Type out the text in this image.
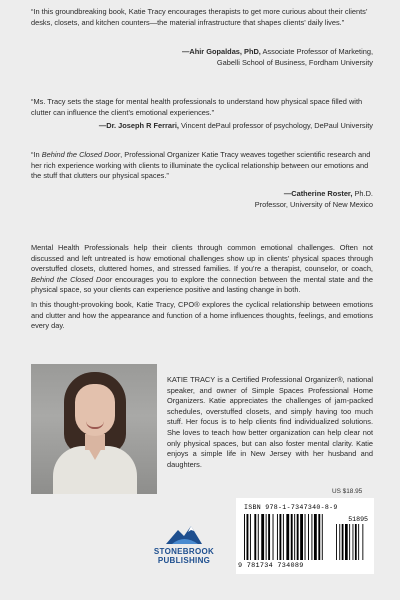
“In this groundbreaking book, Katie Tracy encourages therapists to get more curious about their clients’ desks, closets, and kitchen counters—the material infrastructure that shapes clients’ daily lives.”

—Ahir Gopaldas, PhD, Associate Professor of Marketing,
Gabelli School of Business, Fordham University

“Ms. Tracy sets the stage for mental health professionals to understand how physical space filled with clutter can influence the client’s emotional experiences.”

—Dr. Joseph R Ferrari, Vincent dePaul professor of psychology, DePaul University

“In Behind the Closed Door, Professional Organizer Katie Tracy weaves together scientific research and her rich experience working with clients to illuminate the cyclical relationship between our emotions and the stuff that clutters our physical spaces.”

—Catherine Roster, Ph.D.
Professor, University of New Mexico

Mental Health Professionals help their clients through common emotional challenges. Often not discussed and left untreated is how emotional challenges show up in clients’ physical spaces through overstuffed closets, cluttered homes, and stressed families. If you’re a therapist, counselor, or coach, Behind the Closed Door encourages you to explore the connection between the mental state and the physical space, so your clients can experience positive and lasting change in both.

In this thought-provoking book, Katie Tracy, CPO® explores the cyclical relationship between emotions and clutter and how the appearance and function of a home influences thoughts, feelings, and emotions every day.

KATIE TRACY is a Certified Professional Organizer®, national speaker, and owner of Simple Spaces Professional Home Organizers. Katie appreciates the challenges of jam-packed schedules, overstuffed closets, and simply having too much stuff. Her focus is to help clients find individualized solutions. She loves to teach how better organization can help clear not only physical spaces, but can also foster mental clarity. Katie enjoys a simple life in New Jersey with her husband and daughters.

US $18.95
ISBN 978-1-7347340-8-9
51895
9 781734 734089
STONEBROOK
PUBLISHING
